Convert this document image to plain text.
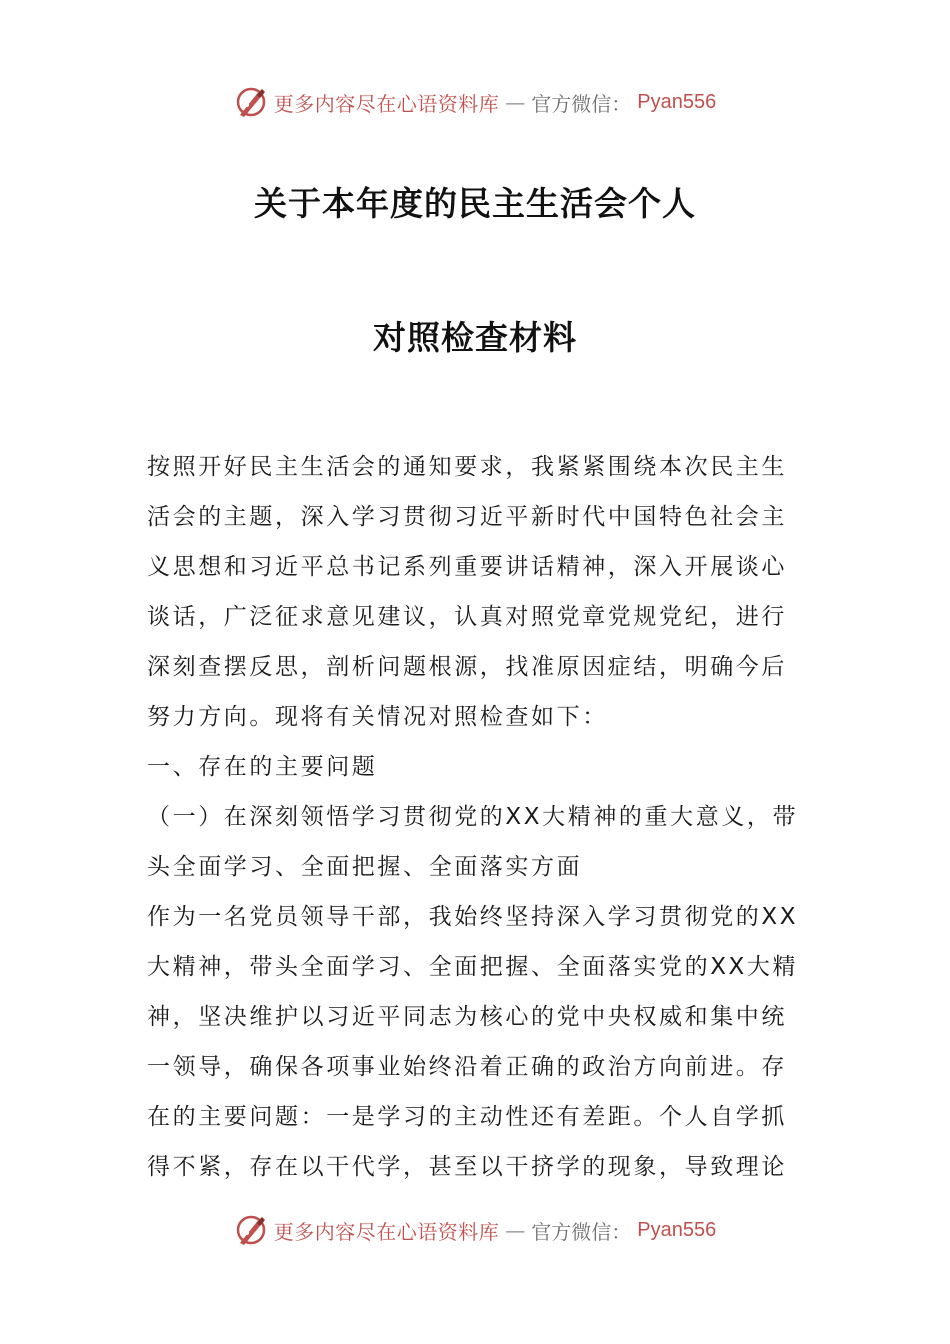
更多内容尽在心语资料库 — 官方微信： Pyan556
关于本年度的民主生活会个人
对照检查材料
按照开好民主生活会的通知要求，我紧紧围绕本次民主生
活会的主题，深入学习贯彻习近平新时代中国特色社会主
义思想和习近平总书记系列重要讲话精神，深入开展谈心
谈话，广泛征求意见建议，认真对照党章党规党纪，进行
深刻查摆反思，剖析问题根源，找准原因症结，明确今后
努力方向。现将有关情况对照检查如下：
一、存在的主要问题
（一）在深刻领悟学习贯彻党的XX大精神的重大意义，带
头全面学习、全面把握、全面落实方面
作为一名党员领导干部，我始终坚持深入学习贯彻党的XX
大精神，带头全面学习、全面把握、全面落实党的XX大精
神，坚决维护以习近平同志为核心的党中央权威和集中统
一领导，确保各项事业始终沿着正确的政治方向前进。存
在的主要问题：一是学习的主动性还有差距。个人自学抓
得不紧，存在以干代学，甚至以干挤学的现象，导致理论
更多内容尽在心语资料库 — 官方微信： Pyan556
